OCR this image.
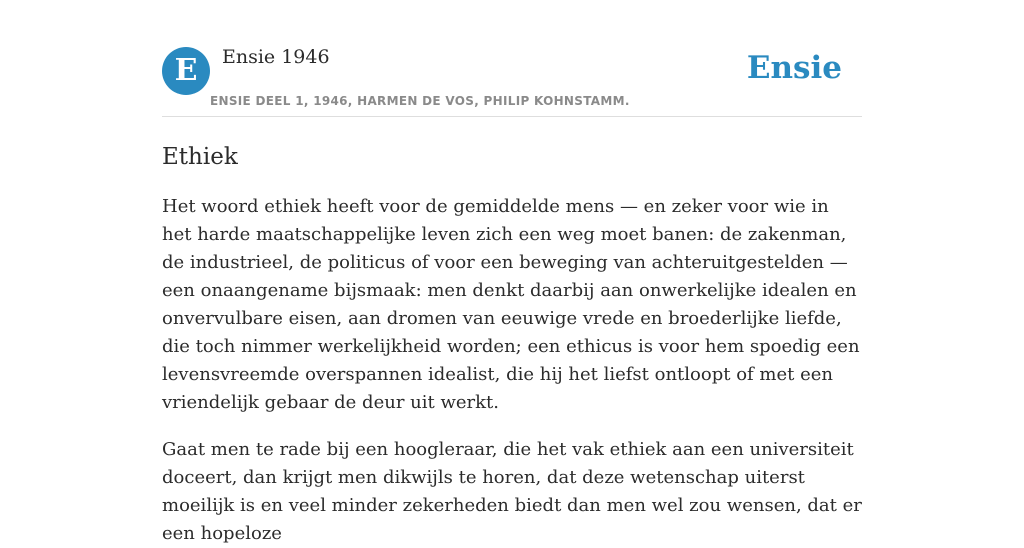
E	Ensie 1946
ENSIE DEEL 1, 1946, HARMEN DE VOS, PHILIP KOHNSTAMM.
Ensie
Ethiek

Het woord ethiek heeft voor de gemiddelde mens — en zeker voor wie in het harde maatschappelijke leven zich een weg moet banen: de zakenman, de industrieel, de politicus of voor een beweging van achteruitgestelden — een onaangename bijsmaak: men denkt daarbij aan onwerkelijke idealen en onvervulbare eisen, aan dromen van eeuwige vrede en broederlijke liefde, die toch nimmer werkelijkheid worden; een ethicus is voor hem spoedig een levensvreemde overspannen idealist, die hij het liefst ontloopt of met een vriendelijk gebaar de deur uit werkt.

Gaat men te rade bij een hoogleraar, die het vak ethiek aan een universiteit doceert, dan krijgt men dikwijls te horen, dat deze wetenschap uiterst moeilijk is en veel minder zekerheden biedt dan men wel zou wensen, dat er een hopeloze
